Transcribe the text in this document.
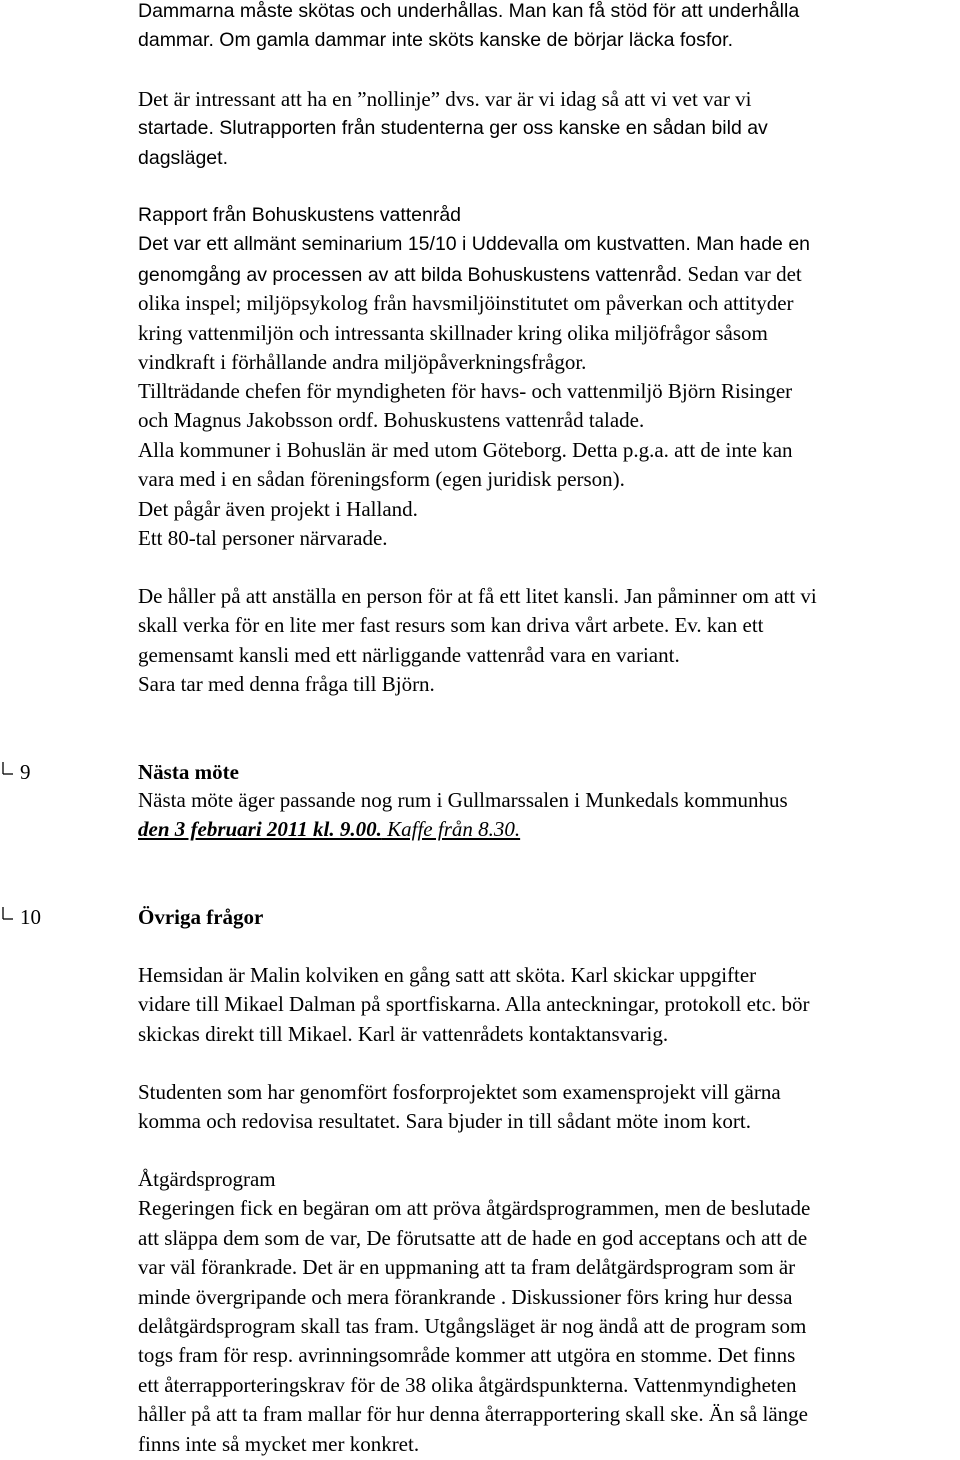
Dammarna måste skötas och underhållas. Man kan få stöd för att underhålla
dammar. Om gamla dammar inte sköts kanske de börjar läcka fosfor.
Det är intressant att ha en ”nollinje” dvs. var är vi idag så att vi vet var vi
startade. Slutrapporten från studenterna ger oss kanske en sådan bild av
dagsläget.
Rapport från Bohuskustens vattenråd
Det var ett allmänt seminarium 15/10 i Uddevalla om kustvatten. Man hade en
genomgång av processen av att bilda Bohuskustens vattenråd. Sedan var det
olika inspel; miljöpsykolog från havsmiljöinstitutet om påverkan och attityder
kring vattenmiljön och intressanta skillnader kring olika miljöfrågor såsom
vindkraft i förhållande andra miljöpåverkningsfrågor.
Tillträdande chefen för myndigheten för havs- och vattenmiljö Björn Risinger
och Magnus Jakobsson ordf. Bohuskustens vattenråd talade.
Alla kommuner i Bohuslän är med utom Göteborg. Detta p.g.a. att de inte kan
vara med i en sådan föreningsform (egen juridisk person).
Det pågår även projekt i Halland.
Ett 80-tal personer närvarade.
De håller på att anställa en person för at få ett litet kansli. Jan påminner om att vi
skall verka för en lite mer fast resurs som kan driva vårt arbete. Ev. kan ett
gemensamt kansli med ett närliggande vattenråd vara en variant.
Sara tar med denna fråga till Björn.
9	Nästa möte
Nästa möte äger passande nog rum i Gullmarssalen i Munkedals kommunhus
den 3 februari 2011 kl. 9.00. Kaffe från 8.30.
10	Övriga frågor
Hemsidan är Malin kolviken en gång satt att sköta. Karl skickar uppgifter
vidare till Mikael Dalman på sportfiskarna. Alla anteckningar, protokoll etc. bör
skickas direkt till Mikael. Karl är vattenrådets kontaktansvarig.
Studenten som har genomfört fosforprojektet som examensprojekt vill gärna
komma och redovisa resultatet. Sara bjuder in till sådant möte inom kort.
Åtgärdsprogram
Regeringen fick en begäran om att pröva åtgärdsprogrammen, men de beslutade
att släppa dem som de var, De förutsatte att de hade en god acceptans och att de
var väl förankrade. Det är en uppmaning att ta fram delåtgärdsprogram som är
minde övergripande och mera förankrande . Diskussioner förs kring hur dessa
delåtgärdsprogram skall tas fram. Utgångsläget är nog ändå att de program som
togs fram för resp. avrinningsområde kommer att utgöra en stomme. Det finns
ett återrapporteringskrav för de 38 olika åtgärdspunkterna. Vattenmyndigheten
håller på att ta fram mallar för hur denna återrapportering skall ske. Än så länge
finns inte så mycket mer konkret.
